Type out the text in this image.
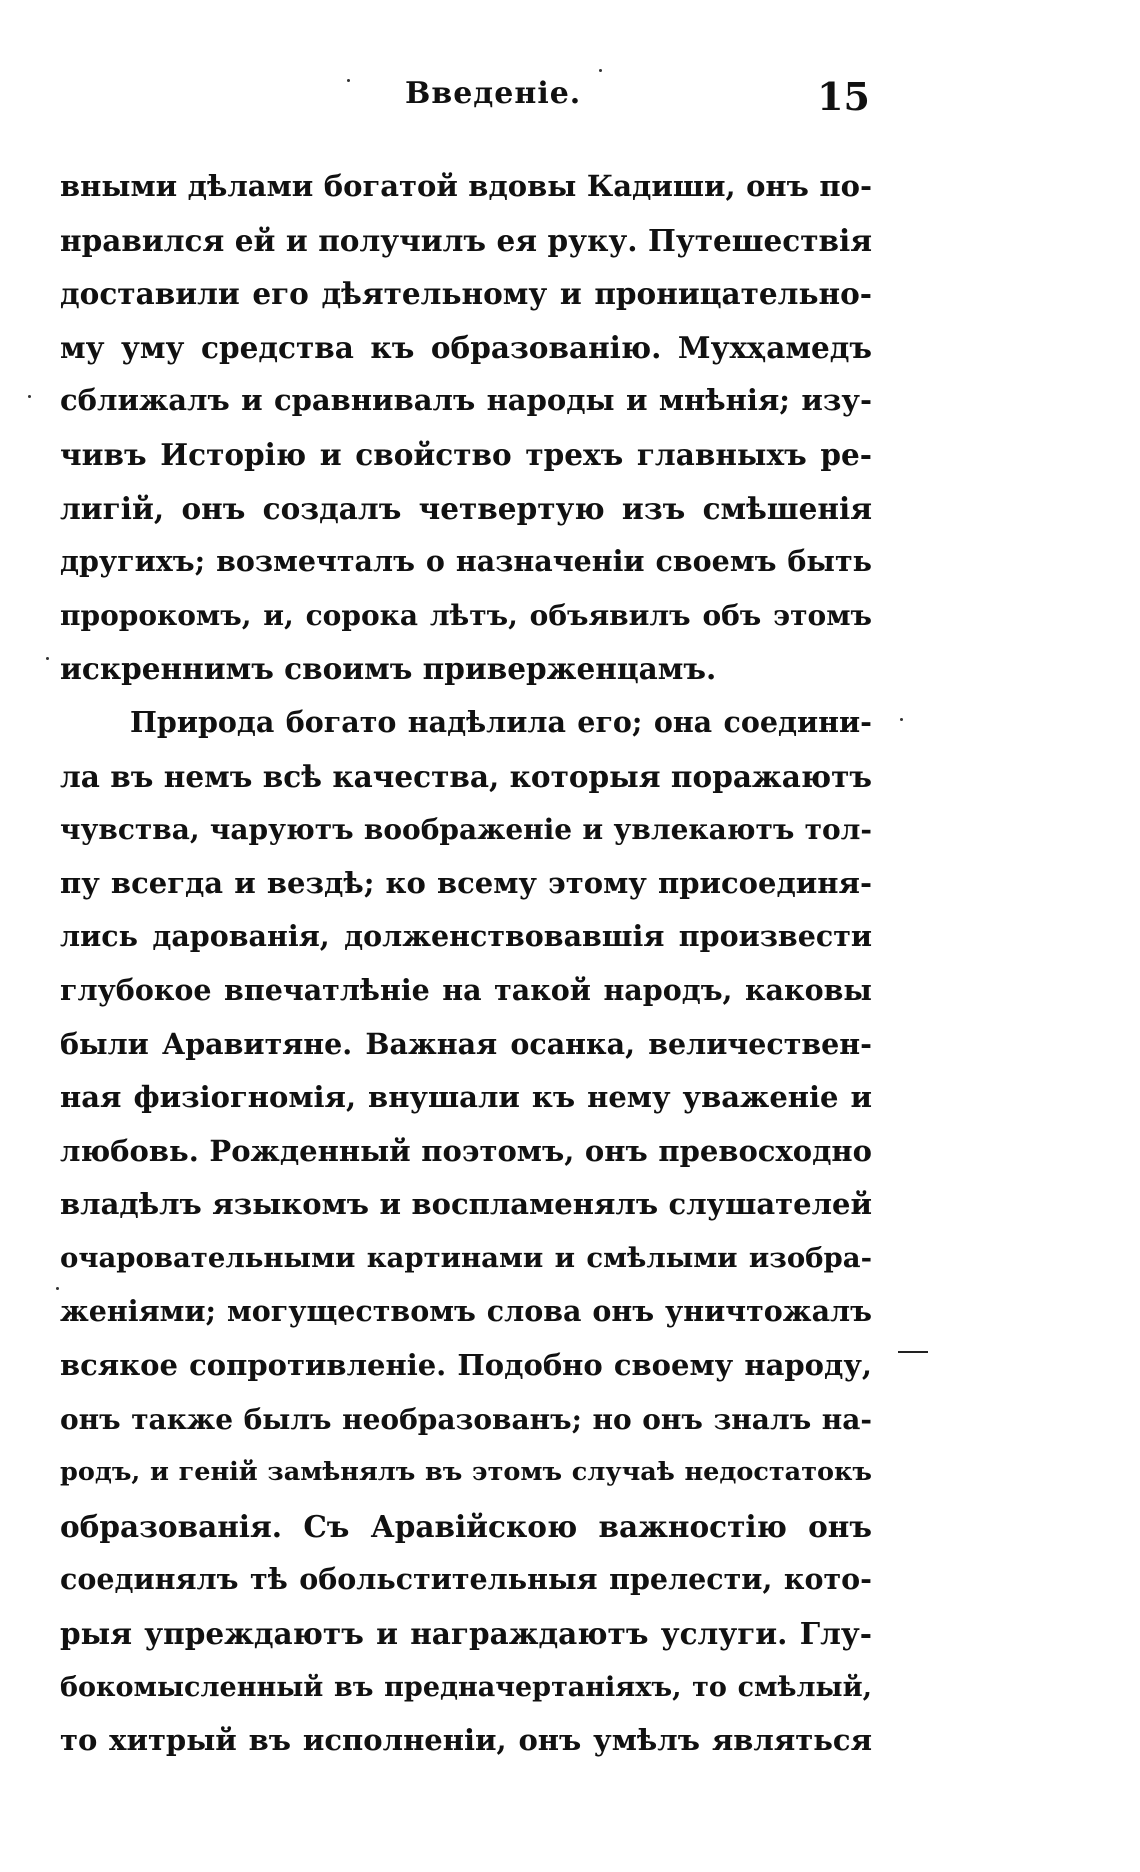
Введеніе.	15
вными дѣлами богатой вдовы Кадиши, онъ по-
нравился ей и получилъ ея руку. Путешествія
доставили его дѣятельному и проницательно-
му уму средства къ образованію. Мухҳамедъ
сближалъ и сравнивалъ народы и мнѣнія; изу-
чивъ Исторію и свойство трехъ главныхъ ре-
лигій, онъ создалъ четвертую изъ смѣшенія
другихъ; возмечталъ о назначеніи своемъ быть
пророкомъ, и, сорока лѣтъ, объявилъ объ этомъ
искреннимъ своимъ приверженцамъ.
Природа богато надѣлила его; она соедини-
ла въ немъ всѣ качества, которыя поражаютъ
чувства, чаруютъ воображеніе и увлекаютъ тол-
пу всегда и вездѣ; ко всему этому присоединя-
лись дарованія, долженствовавшія произвести
глубокое впечатлѣніе на такой народъ, каковы
были Аравитяне. Важная осанка, величествен-
ная физіогномія, внушали къ нему уваженіе и
любовь. Рожденный поэтомъ, онъ превосходно
владѣлъ языкомъ и воспламенялъ слушателей
очаровательными картинами и смѣлыми изобра-
женіями; могуществомъ слова онъ уничтожалъ
всякое сопротивленіе. Подобно своему народу,
онъ также былъ необразованъ; но онъ зналъ на-
родъ, и геній замѣнялъ въ этомъ случаѣ недостатокъ
образованія. Съ Аравійскою важностію онъ
соединялъ тѣ обольстительныя прелести, кото-
рыя упреждаютъ и награждаютъ услуги. Глу-
бокомысленный въ предначертаніяхъ, то смѣлый,
то хитрый въ исполненіи, онъ умѣлъ являться
